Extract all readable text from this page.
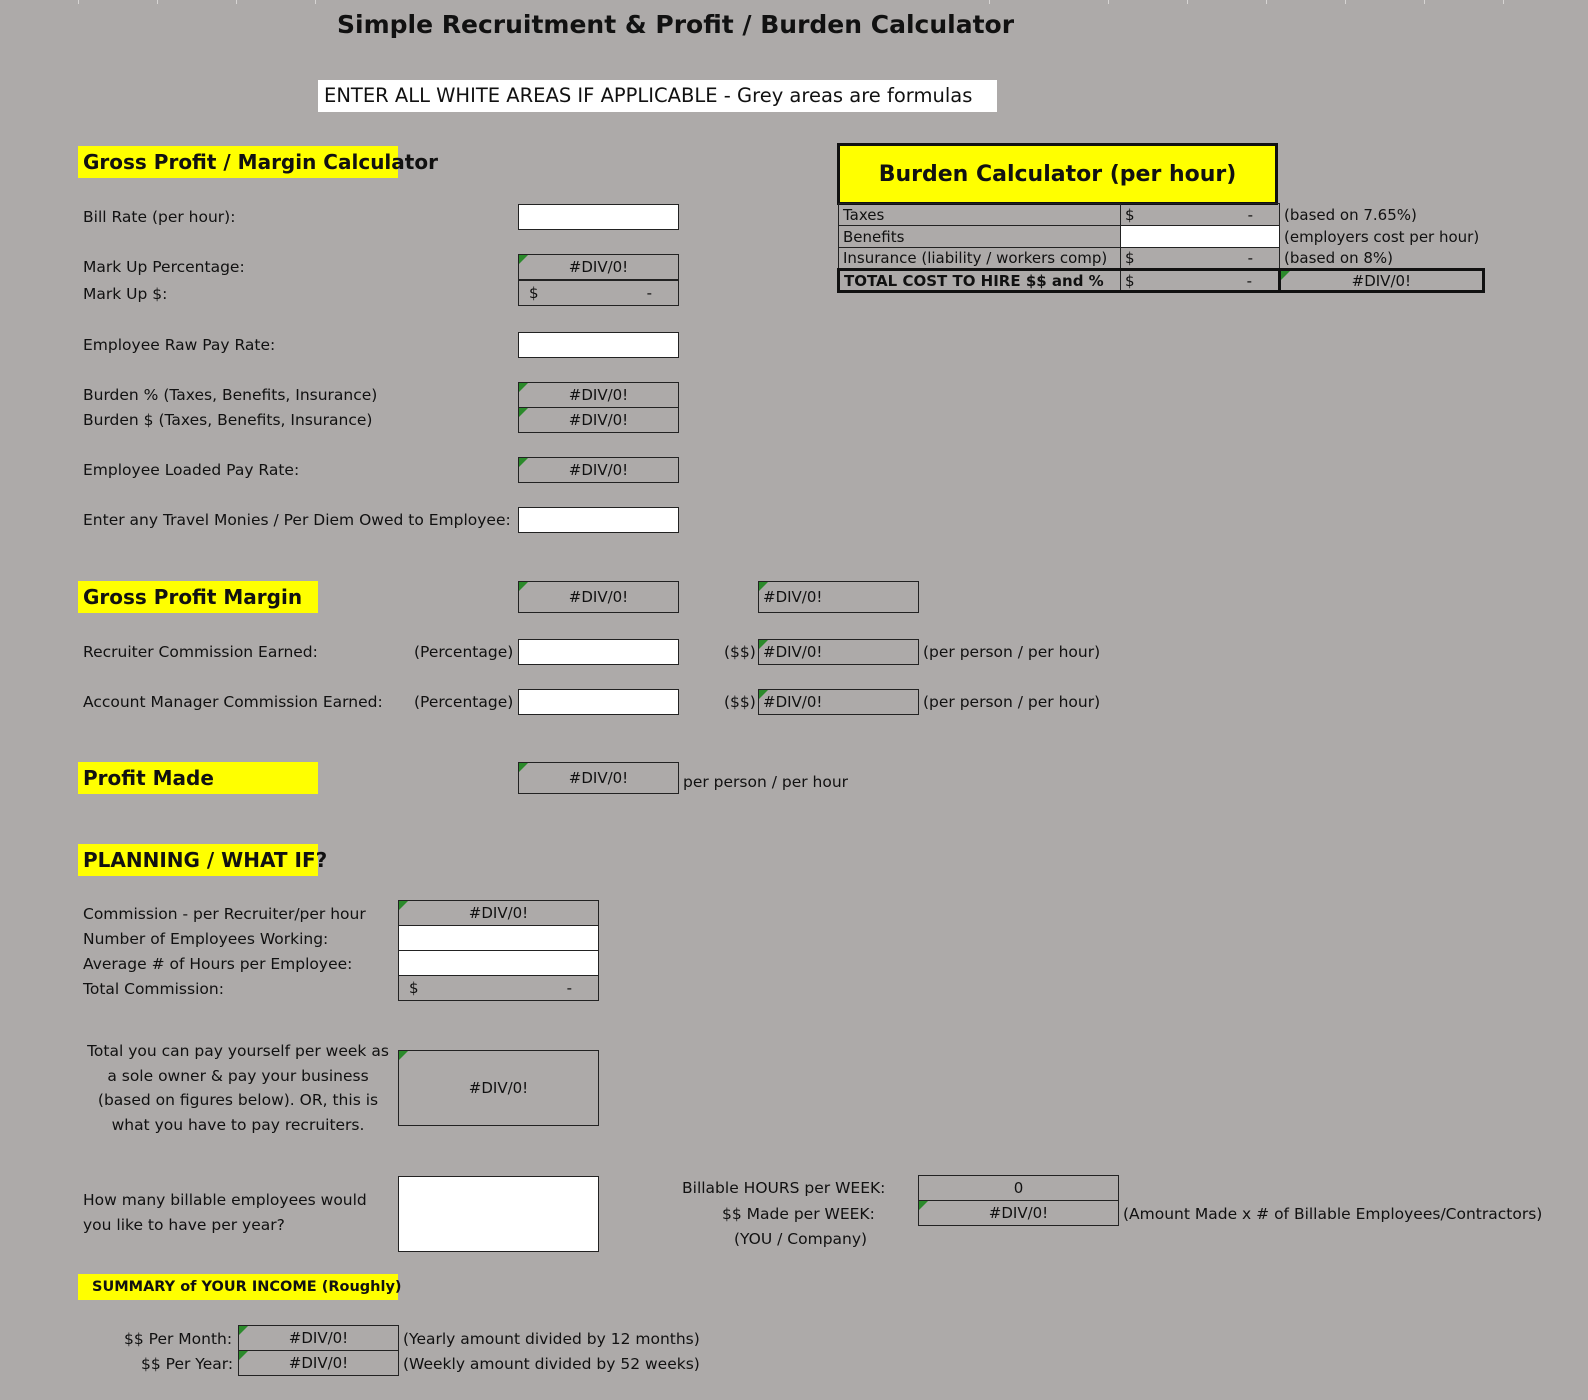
Simple Recruitment & Profit / Burden Calculator
ENTER ALL WHITE AREAS IF APPLICABLE - Grey areas are formulas
Gross Profit / Margin Calculator
Bill Rate (per hour):
Mark Up Percentage:	#DIV/0!
Mark Up $:	$	-
Employee Raw Pay Rate:
Burden % (Taxes, Benefits, Insurance)	#DIV/0!
Burden $ (Taxes, Benefits, Insurance)	#DIV/0!
Employee Loaded Pay Rate:	#DIV/0!
Enter any Travel Monies / Per Diem Owed to Employee:
Burden Calculator (per hour)
Taxes	$ -	(based on 7.65%)
Benefits		(employers cost per hour)
Insurance (liability / workers comp)	$ -	(based on 8%)
TOTAL COST TO HIRE $$ and %	$ -	#DIV/0!
Gross Profit Margin	#DIV/0!	#DIV/0!
Recruiter Commission Earned:	(Percentage)	($$) #DIV/0!	(per person / per hour)
Account Manager Commission Earned: (Percentage)	($$) #DIV/0!	(per person / per hour)
Profit Made	#DIV/0!	per person / per hour
PLANNING / WHAT IF?
Commission - per Recruiter/per hour	#DIV/0!
Number of Employees Working:
Average # of Hours per Employee:
Total Commission:	$	-
Total you can pay yourself per week as a sole owner & pay your business (based on figures below). OR, this is what you have to pay recruiters.
#DIV/0!
How many billable employees would you like to have per year?
Billable HOURS per WEEK:	0
$$ Made per WEEK:	#DIV/0!	(Amount Made x # of Billable Employees/Contractors)
(YOU / Company)
SUMMARY of YOUR INCOME (Roughly)
$$ Per Month:	#DIV/0!	(Yearly amount divided by 12 months)
$$ Per Year:	#DIV/0!	(Weekly amount divided by 52 weeks)
